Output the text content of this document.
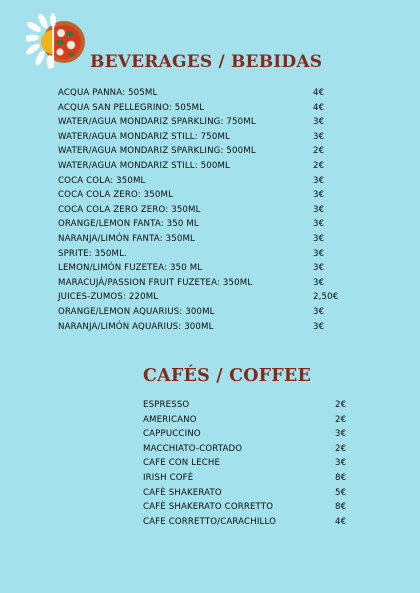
BEVERAGES / BEBIDAS
ACQUA PANNA: 505ML	4€
ACQUA SAN PELLEGRINO: 505ML	4€
WATER/AGUA MONDARIZ SPARKLING: 750ML	3€
WATER/AGUA MONDARIZ STILL: 750ML	3€
WATER/AGUA MONDARIZ SPARKLING: 500ML	2€
WATER/AGUA MONDARIZ STILL: 500ML	2€
COCA COLA: 350ML	3€
COCA COLA ZERO: 350ML	3€
COCA COLA ZERO ZERO: 350ML	3€
ORANGE/LEMON FANTA: 350 ML	3€
NARANJA/LIMÓN FANTA: 350ML	3€
SPRITE: 350ML.	3€
LEMON/LIMÓN FUZETEA: 350 ML	3€
MARACUJÁ/PASSION FRUIT FUZETEA: 350ML	3€
JUICES-ZUMOS: 220ML	2,50€
ORANGE/LEMON AQUARIUS: 300ML	3€
NARANJA/LIMÓN AQUARIUS: 300ML	3€
CAFÉS / COFFEE
ESPRESSO	2€
AMERICANO	2€
CAPPUCCINO	3€
MACCHIATO-CORTADO	2€
CAFE CON LECHE	3€
IRISH COFÈ	8€
CAFÈ SHAKERATO	5€
CAFÈ SHAKERATO CORRETTO	8€
CAFE CORRETTO/CARACHILLO	4€
